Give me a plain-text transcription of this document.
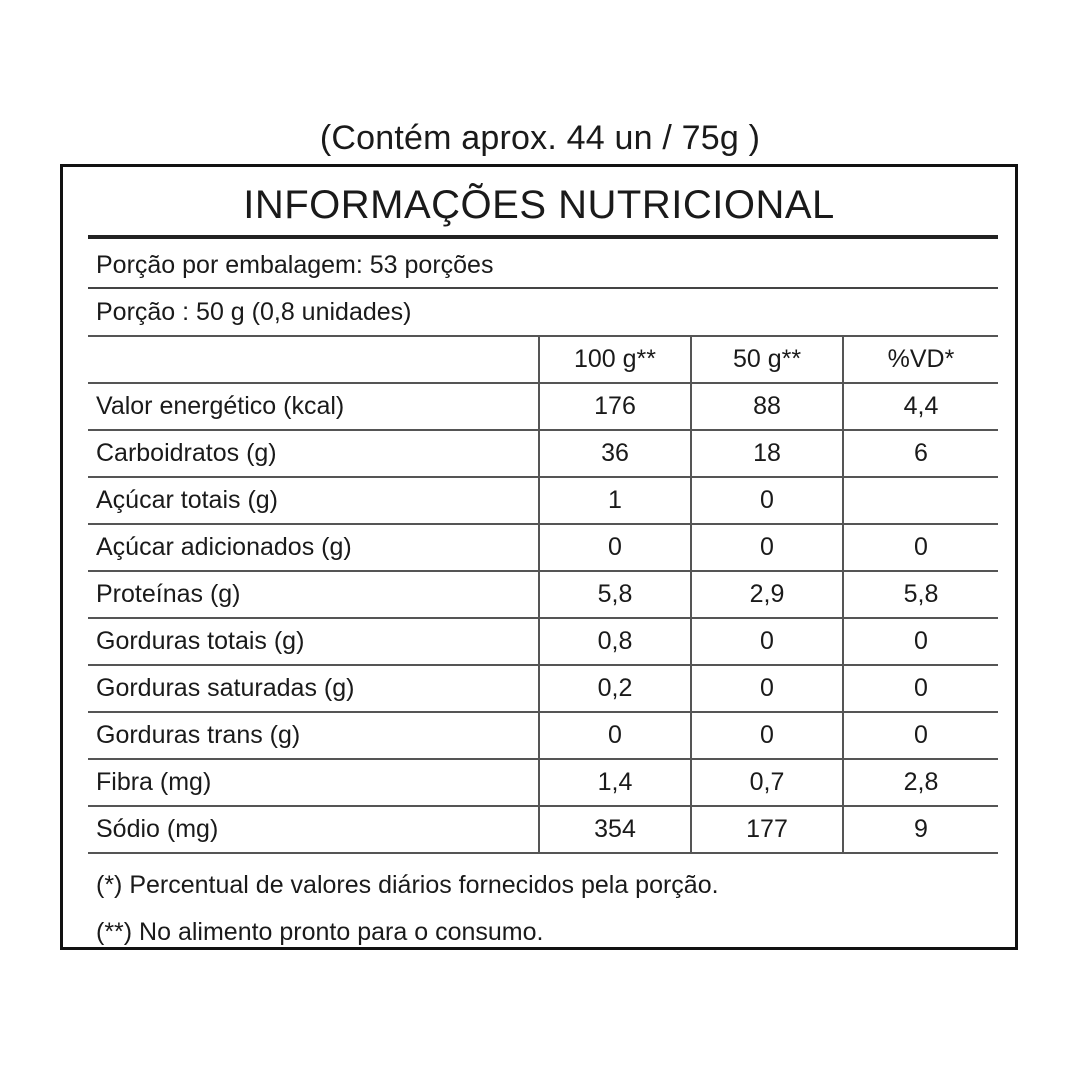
(Contém aprox. 44 un / 75g )
INFORMAÇÕES NUTRICIONAL
Porção por embalagem: 53 porções
Porção : 50 g (0,8 unidades)
	100 g**	50 g**	%VD*
Valor energético (kcal)	176	88	4,4
Carboidratos (g)	36	18	6
Açúcar totais (g)	1	0	
Açúcar adicionados (g)	0	0	0
Proteínas (g)	5,8	2,9	5,8
Gorduras totais (g)	0,8	0	0
Gorduras saturadas (g)	0,2	0	0
Gorduras trans (g)	0	0	0
Fibra (mg)	1,4	0,7	2,8
Sódio (mg)	354	177	9
(*) Percentual de valores diários fornecidos pela porção.
(**) No alimento pronto para o consumo.
